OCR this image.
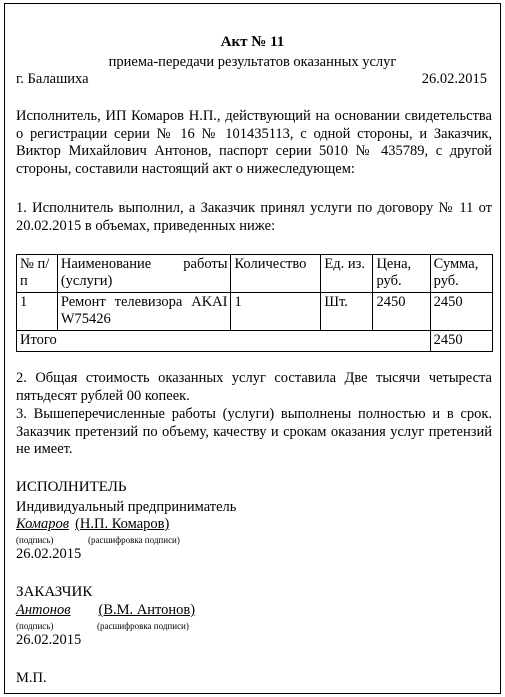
Акт № 11
приема-передачи результатов оказанных услуг
г. Балашиха	26.02.2015
Исполнитель, ИП Комаров Н.П., действующий на основании свидетельства о регистрации серии № 16 № 101435113, с одной стороны, и Заказчик, Виктор Михайлович Антонов, паспорт серии 5010 № 435789, с другой стороны, составили настоящий акт о нижеследующем:
1. Исполнитель выполнил, а Заказчик принял услуги по договору № 11 от 20.02.2015 в объемах, приведенных ниже:
№ п/п	Наименование работы (услуги)	Количество	Ед. из.	Цена, руб.	Сумма, руб.
1	Ремонт телевизора AKAI W75426	1	Шт.	2450	2450
Итого					2450
2. Общая стоимость оказанных услуг составила Две тысячи четыреста пятьдесят рублей 00 копеек.
3. Вышеперечисленные работы (услуги) выполнены полностью и в срок. Заказчик претензий по объему, качеству и срокам оказания услуг претензий не имеет.
ИСПОЛНИТЕЛЬ
Индивидуальный предприниматель
Комаров (Н.П. Комаров)
(подпись)	(расшифровка подписи)
26.02.2015
ЗАКАЗЧИК
Антонов (В.М. Антонов)
(подпись)	(расшифровка подписи)
26.02.2015
М.П.
